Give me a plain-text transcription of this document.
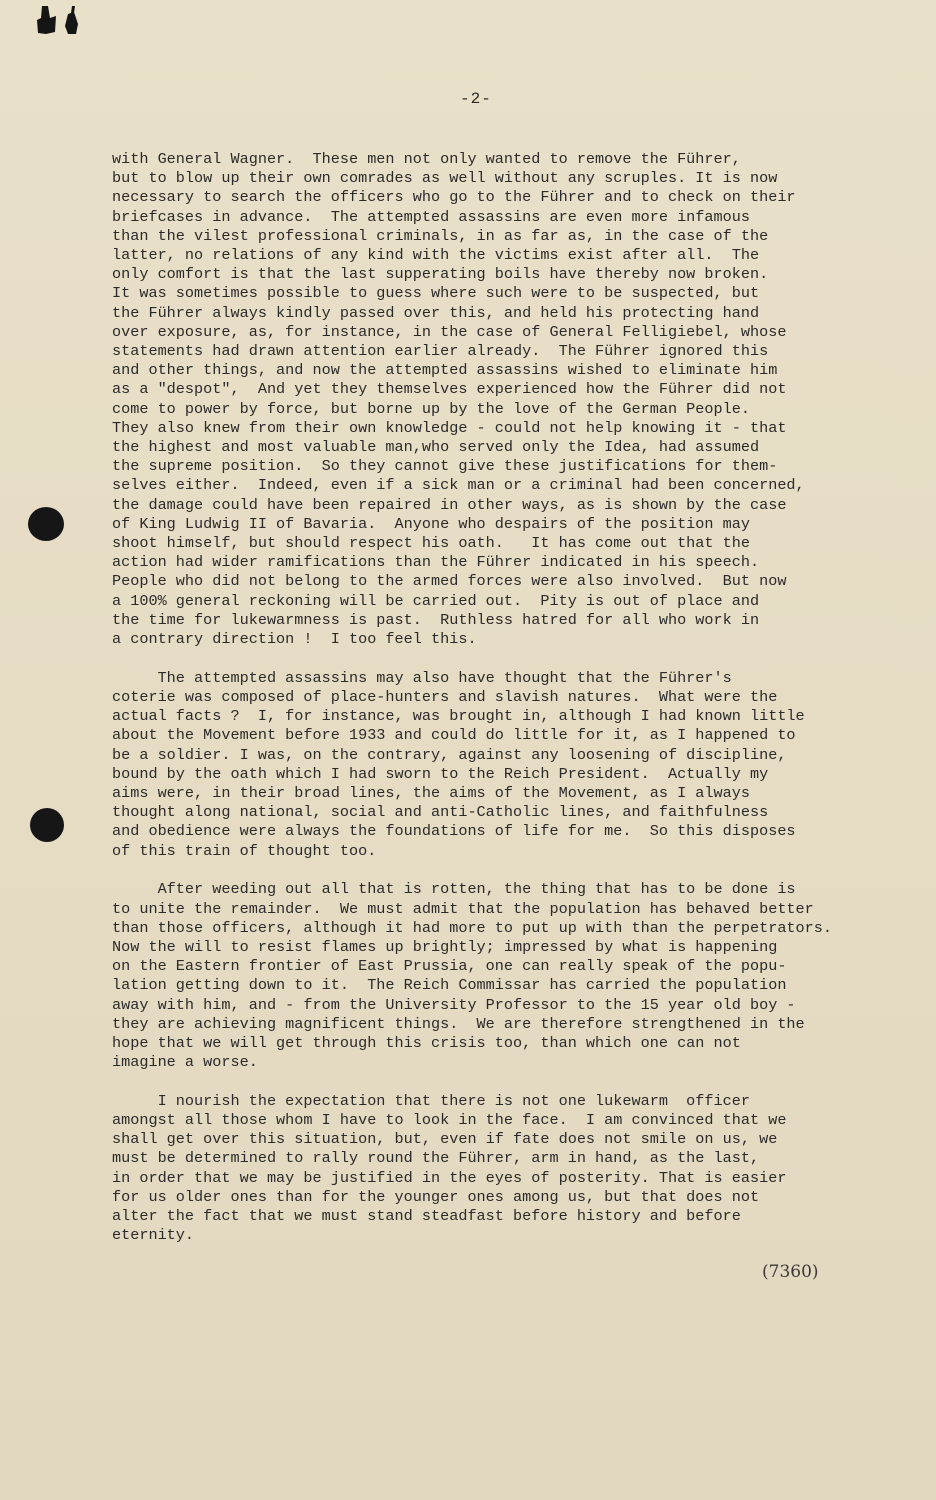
-2-
with General Wagner.  These men not only wanted to remove the Führer,
but to blow up their own comrades as well without any scruples. It is now
necessary to search the officers who go to the Führer and to check on their
briefcases in advance.  The attempted assassins are even more infamous
than the vilest professional criminals, in as far as, in the case of the
latter, no relations of any kind with the victims exist after all.  The
only comfort is that the last supperating boils have thereby now broken.
It was sometimes possible to guess where such were to be suspected, but
the Führer always kindly passed over this, and held his protecting hand
over exposure, as, for instance, in the case of General Felligiebel, whose
statements had drawn attention earlier already.  The Führer ignored this
and other things, and now the attempted assassins wished to eliminate him
as a "despot",  And yet they themselves experienced how the Führer did not
come to power by force, but borne up by the love of the German People.
They also knew from their own knowledge - could not help knowing it - that
the highest and most valuable man,who served only the Idea, had assumed
the supreme position.  So they cannot give these justifications for them-
selves either.  Indeed, even if a sick man or a criminal had been concerned,
the damage could have been repaired in other ways, as is shown by the case
of King Ludwig II of Bavaria.  Anyone who despairs of the position may
shoot himself, but should respect his oath.   It has come out that the
action had wider ramifications than the Führer indicated in his speech.
People who did not belong to the armed forces were also involved.  But now
a 100% general reckoning will be carried out.  Pity is out of place and
the time for lukewarmness is past.  Ruthless hatred for all who work in
a contrary direction !  I too feel this.
The attempted assassins may also have thought that the Führer's
coterie was composed of place-hunters and slavish natures.  What were the
actual facts ?  I, for instance, was brought in, although I had known little
about the Movement before 1933 and could do little for it, as I happened to
be a soldier. I was, on the contrary, against any loosening of discipline,
bound by the oath which I had sworn to the Reich President.  Actually my
aims were, in their broad lines, the aims of the Movement, as I always
thought along national, social and anti-Catholic lines, and faithfulness
and obedience were always the foundations of life for me.  So this disposes
of this train of thought too.
After weeding out all that is rotten, the thing that has to be done is
to unite the remainder.  We must admit that the population has behaved better
than those officers, although it had more to put up with than the perpetrators.
Now the will to resist flames up brightly; impressed by what is happening
on the Eastern frontier of East Prussia, one can really speak of the popu-
lation getting down to it.  The Reich Commissar has carried the population
away with him, and - from the University Professor to the 15 year old boy -
they are achieving magnificent things.  We are therefore strengthened in the
hope that we will get through this crisis too, than which one can not
imagine a worse.
I nourish the expectation that there is not one lukewarm  officer
amongst all those whom I have to look in the face.  I am convinced that we
shall get over this situation, but, even if fate does not smile on us, we
must be determined to rally round the Führer, arm in hand, as the last,
in order that we may be justified in the eyes of posterity. That is easier
for us older ones than for the younger ones among us, but that does not
alter the fact that we must stand steadfast before history and before
eternity.
(7360)
